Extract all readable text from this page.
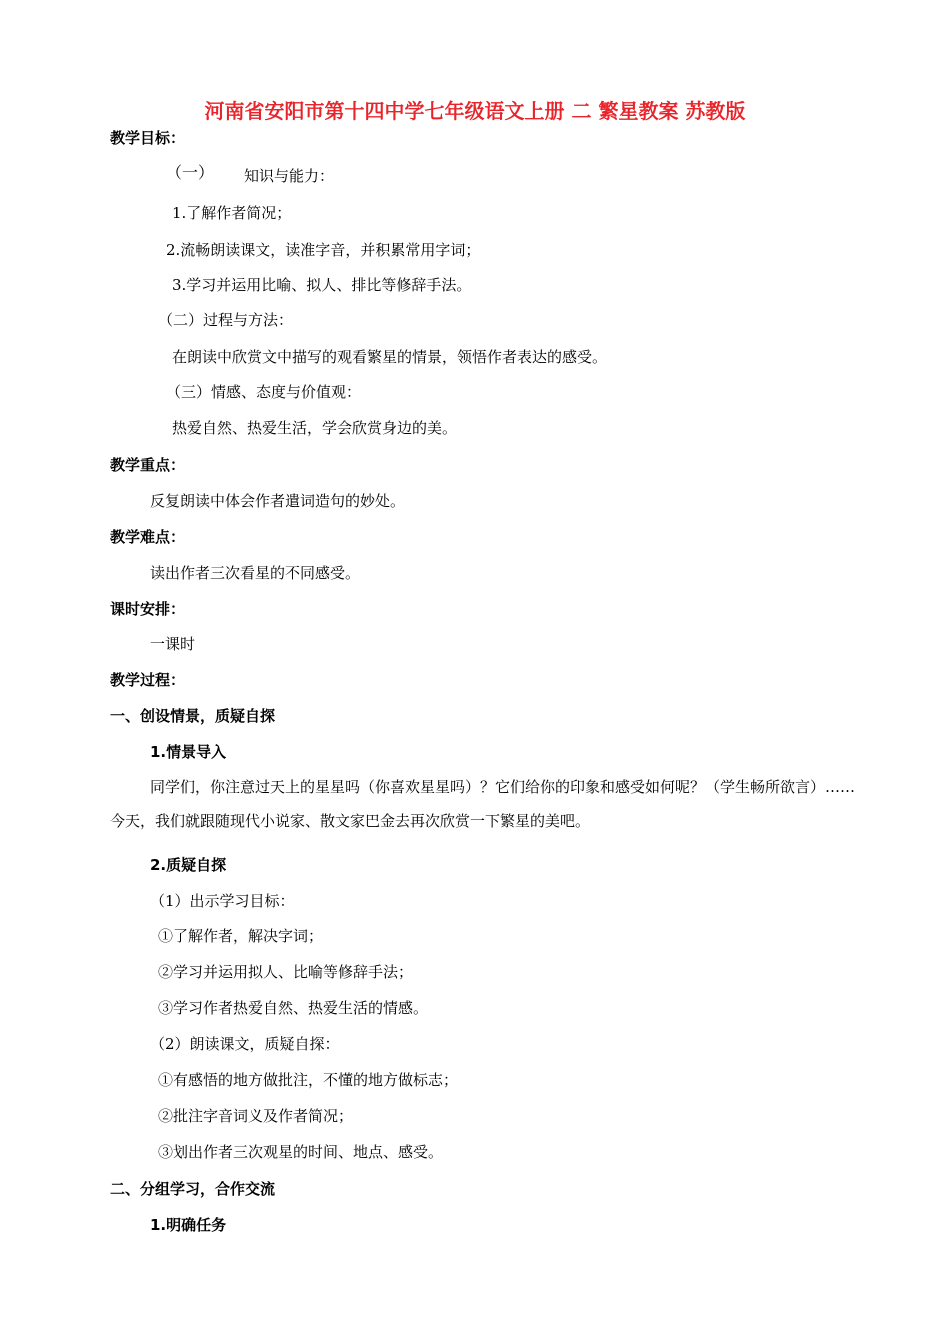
河南省安阳市第十四中学七年级语文上册 二 繁星教案 苏教版
教学目标：
（一） 知识与能力：
1.了解作者简况；
2.流畅朗读课文，读准字音，并积累常用字词；
3.学习并运用比喻、拟人、排比等修辞手法。
（二）过程与方法：
在朗读中欣赏文中描写的观看繁星的情景，领悟作者表达的感受。
（三）情感、态度与价值观：
热爱自然、热爱生活，学会欣赏身边的美。
教学重点：
反复朗读中体会作者遣词造句的妙处。
教学难点：
读出作者三次看星的不同感受。
课时安排：
一课时
教学过程：
一、创设情景，质疑自探
1.情景导入
同学们，你注意过天上的星星吗（你喜欢星星吗）？它们给你的印象和感受如何呢？（学生畅所欲言）……今天，我们就跟随现代小说家、散文家巴金去再次欣赏一下繁星的美吧。
2.质疑自探
（1）出示学习目标：
①了解作者，解决字词；
②学习并运用拟人、比喻等修辞手法；
③学习作者热爱自然、热爱生活的情感。
（2）朗读课文，质疑自探：
①有感悟的地方做批注，不懂的地方做标志；
②批注字音词义及作者简况；
③划出作者三次观星的时间、地点、感受。
二、分组学习，合作交流
1.明确任务
